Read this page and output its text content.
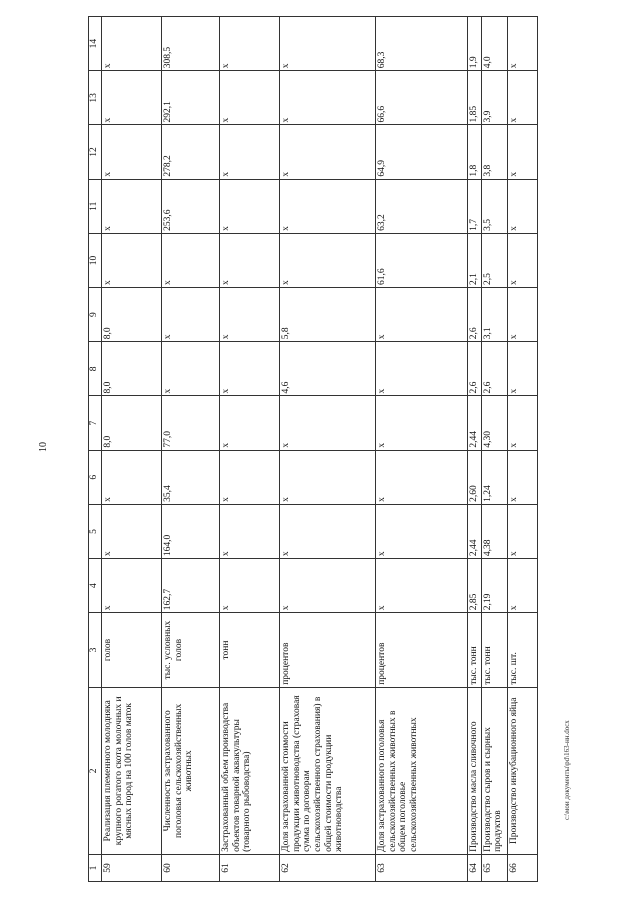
10
1	2	3	4	5	6	7	8	9	10	11	12	13	14
59	Реализация племенного молодняка крупного рогатого скота молочных и мясных пород на 100 голов маток	голов	x	x	x	8,0	8,0	8,0	x	x	x	x	x
60	Численность застрахованного поголовья сельскохозяйственных животных	тыс. условных голов	162,7	164,0	35,4	77,0	x	x	x	253,6	278,2	292,1	308,5
61	Застрахованный объем производства объектов товарной аквакультуры (товарного рыбоводства)	тонн	x	x	x	x	x	x	x	x	x	x	x
62	Доля застрахованной стоимости продукции животноводства (страховая сумма по договорам сельскохозяйственного страхования) в общей стоимости продукции животноводства	процентов	x	x	x	x	4,6	5,8	x	x	x	x	x
63	Доля застрахованного поголовья сельскохозяйственных животных в общем поголовье сельскохозяйственных животных	процентов	x	x	x	x	x	x	61,6	63,2	64,9	66,6	68,3
64	Производство масла сливочного	тыс. тонн	2,85	2,44	2,60	2,44	2,6	2,6	2,1	1,7	1,8	1,85	1,9
65	Производство сыров и сырных продуктов	тыс. тонн	2,19	4,38	1,24	4,30	2,6	3,1	2,5	3,5	3,8	3,9	4,0
66	Производство инкубационного яйца	тыс. шт.	x	x	x	x	x	x	x	x	x	x	x
c:\мои документы\pd\163-нн.docx
